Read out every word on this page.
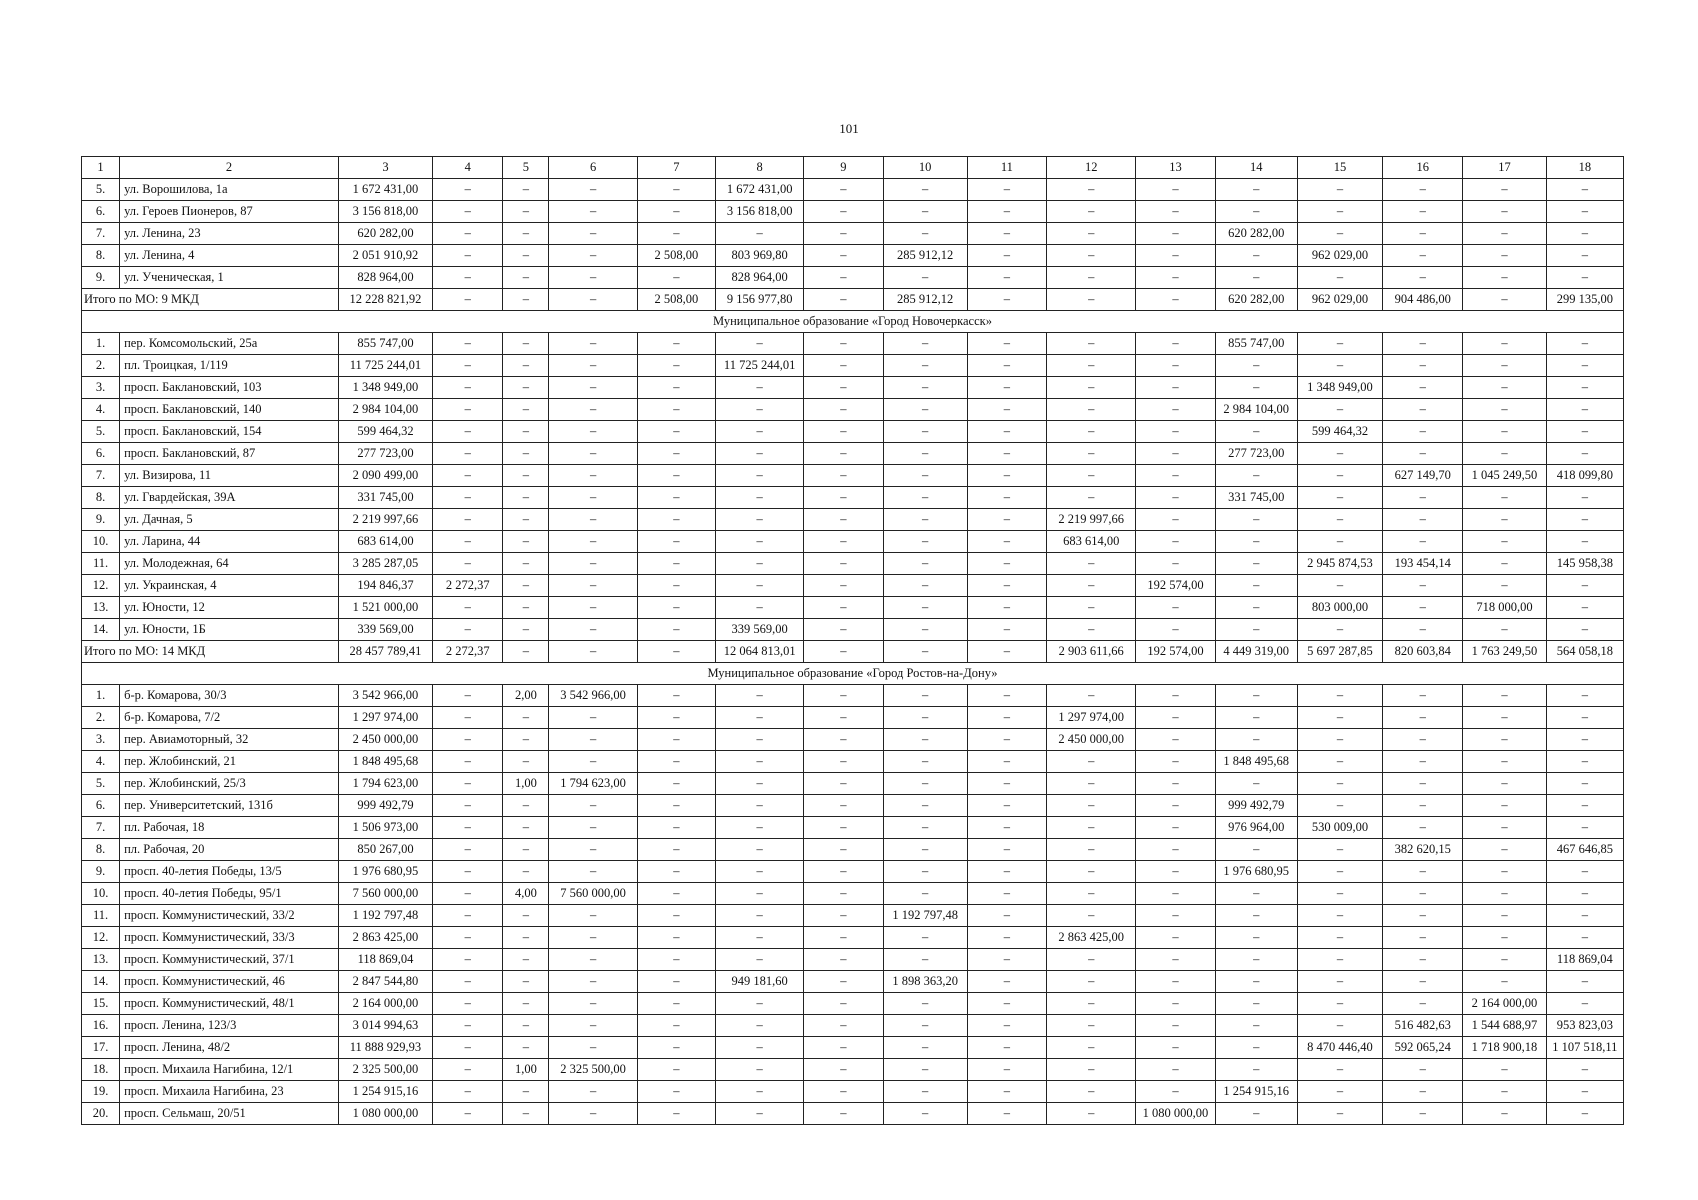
101
1	2	3	4	5	6	7	8	9	10	11	12	13	14	15	16	17	18
5.	ул. Ворошилова, 1а	1 672 431,00	–	–	–	–	1 672 431,00	–	–	–	–	–	–	–	–	–	–
6.	ул. Героев Пионеров, 87	3 156 818,00	–	–	–	–	3 156 818,00	–	–	–	–	–	–	–	–	–	–
7.	ул. Ленина, 23	620 282,00	–	–	–	–	–	–	–	–	–	–	620 282,00	–	–	–	–
8.	ул. Ленина, 4	2 051 910,92	–	–	–	2 508,00	803 969,80	–	285 912,12	–	–	–	–	962 029,00	–	–	–
9.	ул. Ученическая, 1	828 964,00	–	–	–	–	828 964,00	–	–	–	–	–	–	–	–	–	–
Итого по МО: 9 МКД		12 228 821,92	–	–	–	2 508,00	9 156 977,80	–	285 912,12	–	–	–	620 282,00	962 029,00	904 486,00	–	299 135,00
Муниципальное образование «Город Новочеркасск»																	
1.	пер. Комсомольский, 25а	855 747,00	–	–	–	–	–	–	–	–	–	–	855 747,00	–	–	–	–
2.	пл. Троицкая, 1/119	11 725 244,01	–	–	–	–	11 725 244,01	–	–	–	–	–	–	–	–	–	–
3.	просп. Баклановский, 103	1 348 949,00	–	–	–	–	–	–	–	–	–	–	–	1 348 949,00	–	–	–
4.	просп. Баклановский, 140	2 984 104,00	–	–	–	–	–	–	–	–	–	–	2 984 104,00	–	–	–	–
5.	просп. Баклановский, 154	599 464,32	–	–	–	–	–	–	–	–	–	–	–	599 464,32	–	–	–
6.	просп. Баклановский, 87	277 723,00	–	–	–	–	–	–	–	–	–	–	277 723,00	–	–	–	–
7.	ул. Визирова, 11	2 090 499,00	–	–	–	–	–	–	–	–	–	–	–	–	627 149,70	1 045 249,50	418 099,80
8.	ул. Гвардейская, 39А	331 745,00	–	–	–	–	–	–	–	–	–	–	331 745,00	–	–	–	–
9.	ул. Дачная, 5	2 219 997,66	–	–	–	–	–	–	–	–	2 219 997,66	–	–	–	–	–	–
10.	ул. Ларина, 44	683 614,00	–	–	–	–	–	–	–	–	683 614,00	–	–	–	–	–	–
11.	ул. Молодежная, 64	3 285 287,05	–	–	–	–	–	–	–	–	–	–	–	2 945 874,53	193 454,14	–	145 958,38
12.	ул. Украинская, 4	194 846,37	2 272,37	–	–	–	–	–	–	–	–	192 574,00	–	–	–	–	–
13.	ул. Юности, 12	1 521 000,00	–	–	–	–	–	–	–	–	–	–	–	803 000,00	–	718 000,00	–
14.	ул. Юности, 1Б	339 569,00	–	–	–	–	339 569,00	–	–	–	–	–	–	–	–	–	–
Итого по МО: 14 МКД		28 457 789,41	2 272,37	–	–	–	12 064 813,01	–	–	–	2 903 611,66	192 574,00	4 449 319,00	5 697 287,85	820 603,84	1 763 249,50	564 058,18
Муниципальное образование «Город Ростов-на-Дону»																	
1.	б-р. Комарова, 30/3	3 542 966,00	–	2,00	3 542 966,00	–	–	–	–	–	–	–	–	–	–	–	–
2.	б-р. Комарова, 7/2	1 297 974,00	–	–	–	–	–	–	–	–	1 297 974,00	–	–	–	–	–	–
3.	пер. Авиамоторный, 32	2 450 000,00	–	–	–	–	–	–	–	–	2 450 000,00	–	–	–	–	–	–
4.	пер. Жлобинский, 21	1 848 495,68	–	–	–	–	–	–	–	–	–	–	1 848 495,68	–	–	–	–
5.	пер. Жлобинский, 25/3	1 794 623,00	–	1,00	1 794 623,00	–	–	–	–	–	–	–	–	–	–	–	–
6.	пер. Университетский, 131б	999 492,79	–	–	–	–	–	–	–	–	–	–	999 492,79	–	–	–	–
7.	пл. Рабочая, 18	1 506 973,00	–	–	–	–	–	–	–	–	–	–	976 964,00	530 009,00	–	–	–
8.	пл. Рабочая, 20	850 267,00	–	–	–	–	–	–	–	–	–	–	–	–	382 620,15	–	467 646,85
9.	просп. 40-летия Победы, 13/5	1 976 680,95	–	–	–	–	–	–	–	–	–	–	1 976 680,95	–	–	–	–
10.	просп. 40-летия Победы, 95/1	7 560 000,00	–	4,00	7 560 000,00	–	–	–	–	–	–	–	–	–	–	–	–
11.	просп. Коммунистический, 33/2	1 192 797,48	–	–	–	–	–	–	1 192 797,48	–	–	–	–	–	–	–	–
12.	просп. Коммунистический, 33/3	2 863 425,00	–	–	–	–	–	–	–	–	2 863 425,00	–	–	–	–	–	–
13.	просп. Коммунистический, 37/1	118 869,04	–	–	–	–	–	–	–	–	–	–	–	–	–	–	118 869,04
14.	просп. Коммунистический, 46	2 847 544,80	–	–	–	–	949 181,60	–	1 898 363,20	–	–	–	–	–	–	–	–
15.	просп. Коммунистический, 48/1	2 164 000,00	–	–	–	–	–	–	–	–	–	–	–	–	–	2 164 000,00	–
16.	просп. Ленина, 123/3	3 014 994,63	–	–	–	–	–	–	–	–	–	–	–	–	516 482,63	1 544 688,97	953 823,03
17.	просп. Ленина, 48/2	11 888 929,93	–	–	–	–	–	–	–	–	–	–	–	8 470 446,40	592 065,24	1 718 900,18	1 107 518,11
18.	просп. Михаила Нагибина, 12/1	2 325 500,00	–	1,00	2 325 500,00	–	–	–	–	–	–	–	–	–	–	–	–
19.	просп. Михаила Нагибина, 23	1 254 915,16	–	–	–	–	–	–	–	–	–	–	1 254 915,16	–	–	–	–
20.	просп. Сельмаш, 20/51	1 080 000,00	–	–	–	–	–	–	–	–	–	1 080 000,00	–	–	–	–	–
